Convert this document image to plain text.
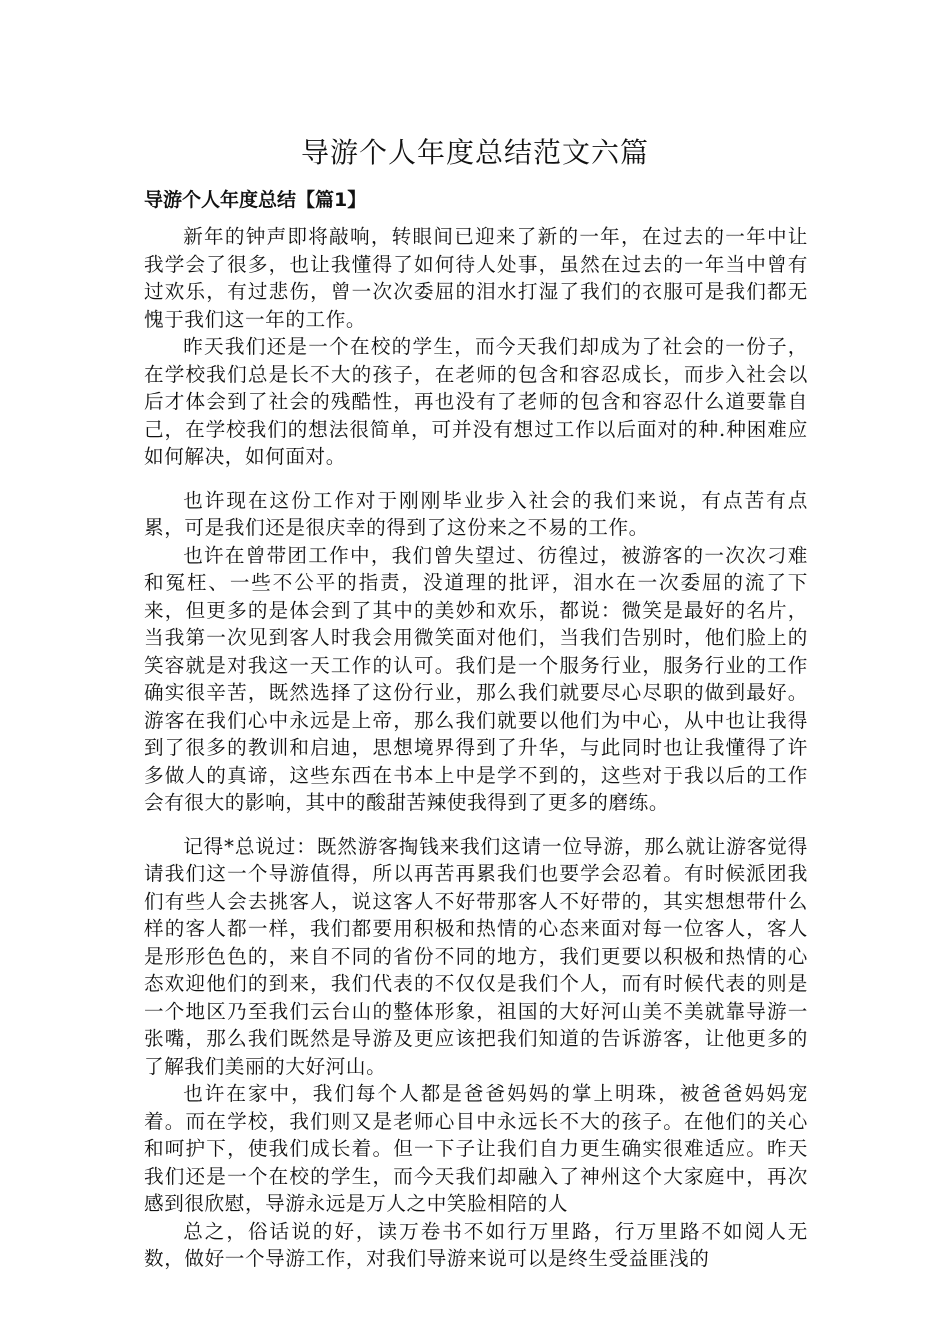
导游个人年度总结范文六篇
导游个人年度总结【篇1】

新年的钟声即将敲响，转眼间已迎来了新的一年，在过去的一年中让我学会了很多，也让我懂得了如何待人处事，虽然在过去的一年当中曾有过欢乐，有过悲伤，曾一次次委屈的泪水打湿了我们的衣服可是我们都无愧于我们这一年的工作。

昨天我们还是一个在校的学生，而今天我们却成为了社会的一份子，在学校我们总是长不大的孩子，在老师的包含和容忍成长，而步入社会以后才体会到了社会的残酷性，再也没有了老师的包含和容忍什么道要靠自己，在学校我们的想法很简单，可并没有想过工作以后面对的种.种困难应如何解决，如何面对。

也许现在这份工作对于刚刚毕业步入社会的我们来说，有点苦有点累，可是我们还是很庆幸的得到了这份来之不易的工作。

也许在曾带团工作中，我们曾失望过、彷徨过，被游客的一次次刁难和冤枉、一些不公平的指责，没道理的批评，泪水在一次委屈的流了下来，但更多的是体会到了其中的美妙和欢乐，都说：微笑是最好的名片，当我第一次见到客人时我会用微笑面对他们，当我们告别时，他们脸上的笑容就是对我这一天工作的认可。我们是一个服务行业，服务行业的工作确实很辛苦，既然选择了这份行业，那么我们就要尽心尽职的做到最好。游客在我们心中永远是上帝，那么我们就要以他们为中心，从中也让我得到了很多的教训和启迪，思想境界得到了升华，与此同时也让我懂得了许多做人的真谛，这些东西在书本上中是学不到的，这些对于我以后的工作会有很大的影响，其中的酸甜苦辣使我得到了更多的磨练。

记得*总说过：既然游客掏钱来我们这请一位导游，那么就让游客觉得请我们这一个导游值得，所以再苦再累我们也要学会忍着。有时候派团我们有些人会去挑客人，说这客人不好带那客人不好带的，其实想想带什么样的客人都一样，我们都要用积极和热情的心态来面对每一位客人，客人是形形色色的，来自不同的省份不同的地方，我们更要以积极和热情的心态欢迎他们的到来，我们代表的不仅仅是我们个人，而有时候代表的则是一个地区乃至我们云台山的整体形象，祖国的大好河山美不美就靠导游一张嘴，那么我们既然是导游及更应该把我们知道的告诉游客，让他更多的了解我们美丽的大好河山。

也许在家中，我们每个人都是爸爸妈妈的掌上明珠，被爸爸妈妈宠着。而在学校，我们则又是老师心目中永远长不大的孩子。在他们的关心和呵护下，使我们成长着。但一下子让我们自力更生确实很难适应。昨天我们还是一个在校的学生，而今天我们却融入了神州这个大家庭中，再次感到很欣慰，导游永远是万人之中笑脸相陪的人

总之，俗话说的好，读万卷书不如行万里路，行万里路不如阅人无数，做好一个导游工作，对我们导游来说可以是终生受益匪浅的
